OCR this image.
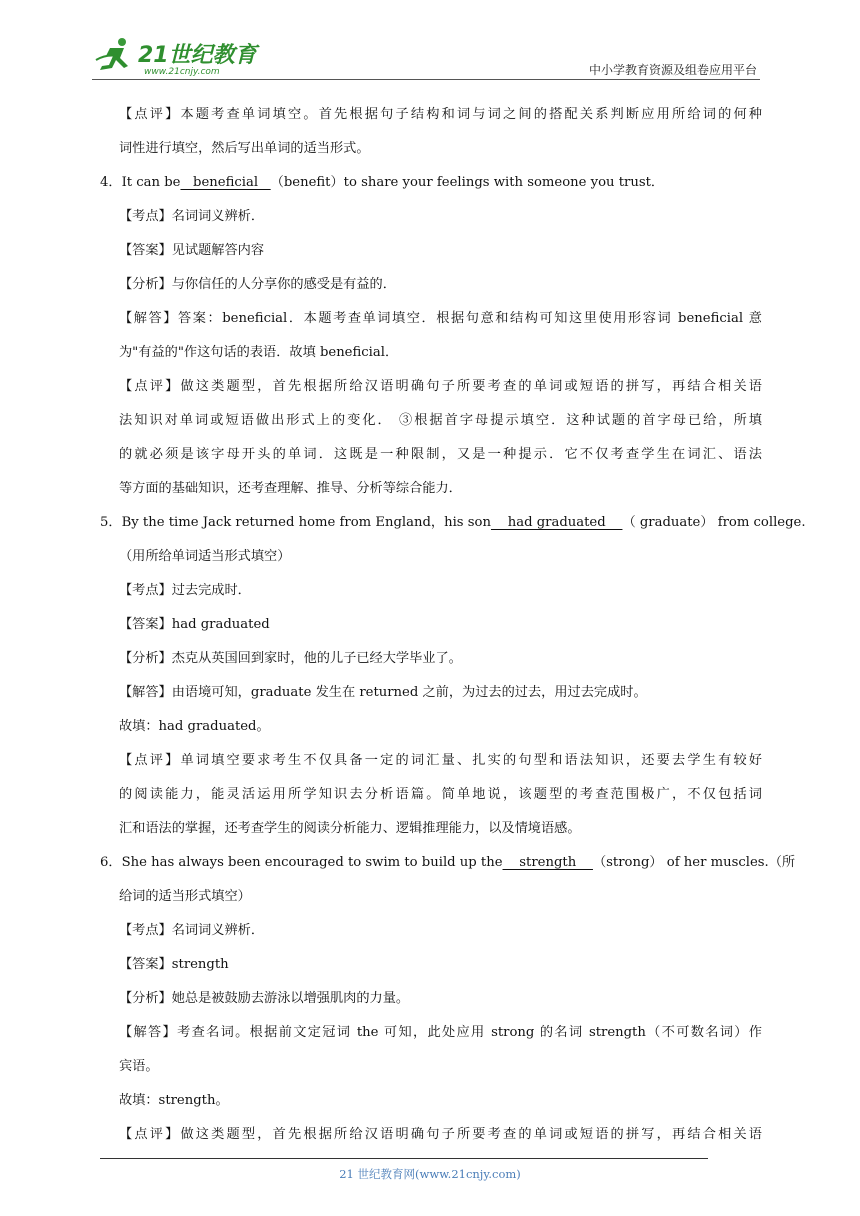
21世纪教育
www.21cnjy.com	中小学教育资源及组卷应用平台
【点评】本题考查单词填空。首先根据句子结构和词与词之间的搭配关系判断应用所给词的何种
词性进行填空，然后写出单词的适当形式。
4．It can be   beneficial   （benefit）to share your feelings with someone you trust．
【考点】名词词义辨析．
【答案】见试题解答内容
【分析】与你信任的人分享你的感受是有益的．
【解答】答案：beneficial．本题考查单词填空．根据句意和结构可知这里使用形容词 beneficial 意
为"有益的"作这句话的表语．故填 beneficial．
【点评】做这类题型，首先根据所给汉语明确句子所要考查的单词或短语的拼写，再结合相关语
法知识对单词或短语做出形式上的变化． ③根据首字母提示填空．这种试题的首字母已给，所填
的就必须是该字母开头的单词．这既是一种限制，又是一种提示．它不仅考查学生在词汇、语法
等方面的基础知识，还考查理解、推导、分析等综合能力．
5．By the time Jack returned home from England，his son    had graduated    （ graduate） from college.
（用所给单词适当形式填空）
【考点】过去完成时．
【答案】had graduated
【分析】杰克从英国回到家时，他的儿子已经大学毕业了。
【解答】由语境可知，graduate 发生在 returned 之前，为过去的过去，用过去完成时。
故填：had graduated。
【点评】单词填空要求考生不仅具备一定的词汇量、扎实的句型和语法知识，还要去学生有较好
的阅读能力，能灵活运用所学知识去分析语篇。简单地说，该题型的考查范围极广，不仅包括词
汇和语法的掌握，还考查学生的阅读分析能力、逻辑推理能力，以及情境语感。
6．She has always been encouraged to swim to build up the    strength    （strong） of her muscles.（所
给词的适当形式填空）
【考点】名词词义辨析．
【答案】strength
【分析】她总是被鼓励去游泳以增强肌肉的力量。
【解答】考查名词。根据前文定冠词 the 可知，此处应用 strong 的名词 strength（不可数名词）作
宾语。
故填：strength。
【点评】做这类题型，首先根据所给汉语明确句子所要考查的单词或短语的拼写，再结合相关语
21 世纪教育网(www.21cnjy.com)
